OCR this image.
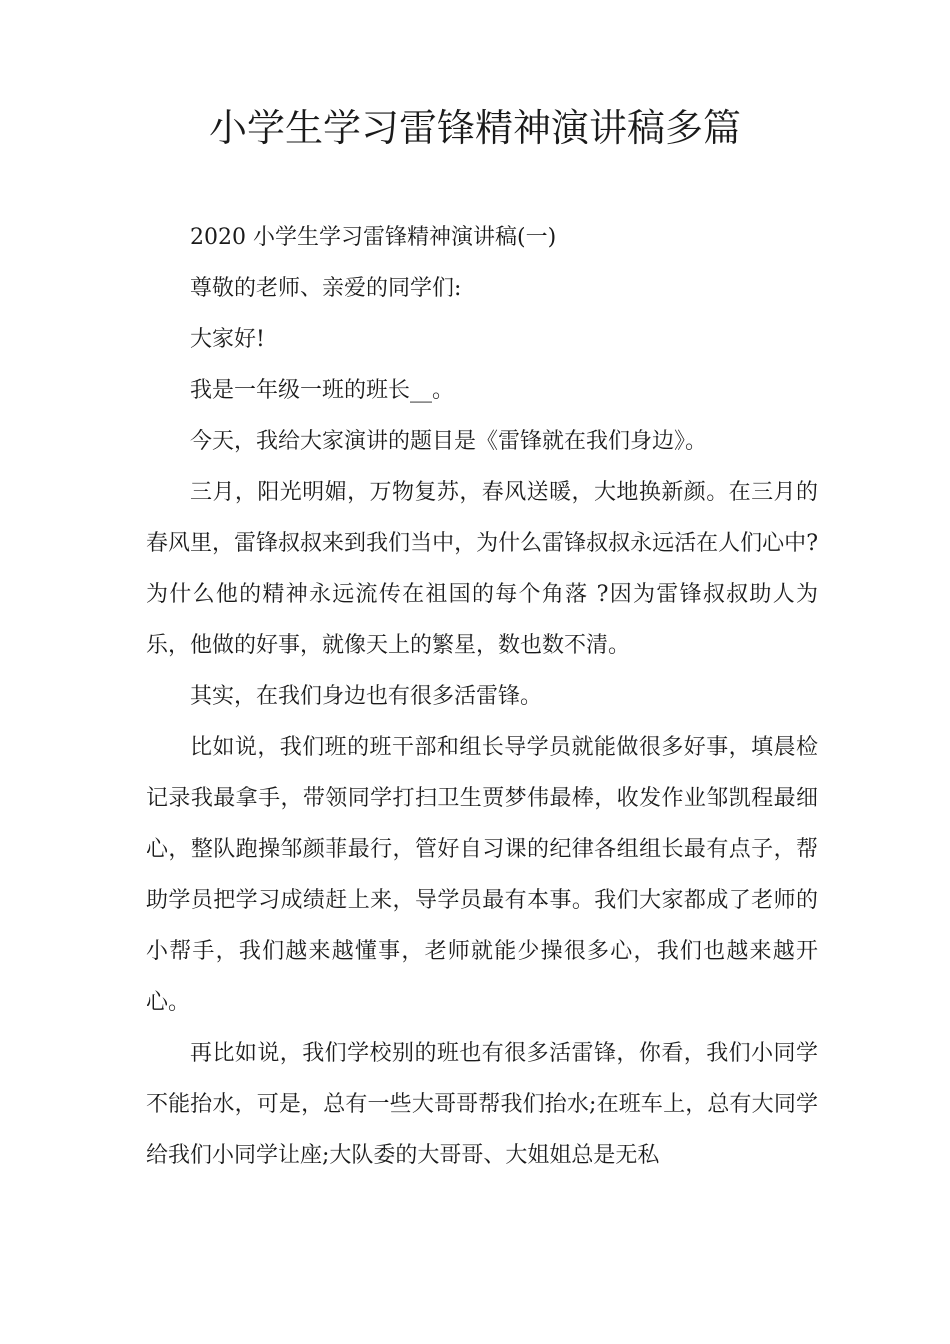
小学生学习雷锋精神演讲稿多篇

2020 小学生学习雷锋精神演讲稿(一)

尊敬的老师、亲爱的同学们:

大家好!

我是一年级一班的班长__。

今天，我给大家演讲的题目是《雷锋就在我们身边》。

三月，阳光明媚，万物复苏，春风送暖，大地换新颜。在三月的春风里，雷锋叔叔来到我们当中，为什么雷锋叔叔永远活在人们心中?为什么他的精神永远流传在祖国的每个角落 ?因为雷锋叔叔助人为乐，他做的好事，就像天上的繁星，数也数不清。

其实，在我们身边也有很多活雷锋。

比如说，我们班的班干部和组长导学员就能做很多好事，填晨检记录我最拿手，带领同学打扫卫生贾梦伟最棒，收发作业邹凯程最细心，整队跑操邹颜菲最行，管好自习课的纪律各组组长最有点子，帮助学员把学习成绩赶上来，导学员最有本事。我们大家都成了老师的小帮手，我们越来越懂事，老师就能少操很多心，我们也越来越开心。

再比如说，我们学校别的班也有很多活雷锋，你看，我们小同学不能抬水，可是，总有一些大哥哥帮我们抬水;在班车上，总有大同学给我们小同学让座;大队委的大哥哥、大姐姐总是无私
